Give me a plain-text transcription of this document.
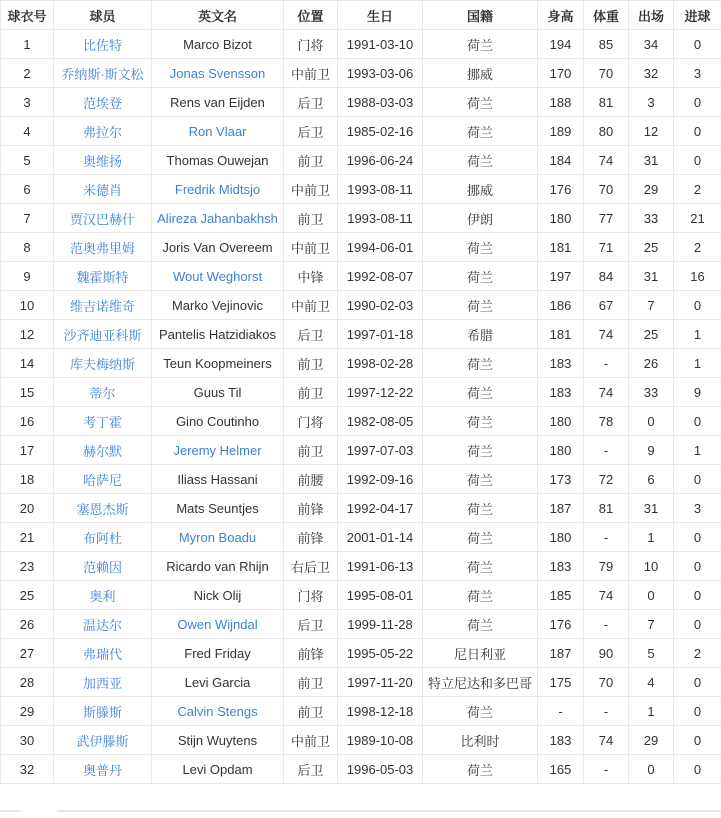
球衣号	球员	英文名	位置	生日	国籍	身高	体重	出场	进球
1	比佐特	Marco Bizot	门将	1991-03-10	荷兰	194	85	34	0
2	乔纳斯·斯文松	Jonas Svensson	中前卫	1993-03-06	挪威	170	70	32	3
3	范埃登	Rens van Eijden	后卫	1988-03-03	荷兰	188	81	3	0
4	弗拉尔	Ron Vlaar	后卫	1985-02-16	荷兰	189	80	12	0
5	奥维扬	Thomas Ouwejan	前卫	1996-06-24	荷兰	184	74	31	0
6	米德肖	Fredrik Midtsjo	中前卫	1993-08-11	挪威	176	70	29	2
7	贾汉巴赫什	Alireza Jahanbakhsh	前卫	1993-08-11	伊朗	180	77	33	21
8	范奥弗里姆	Joris Van Overeem	中前卫	1994-06-01	荷兰	181	71	25	2
9	魏霍斯特	Wout Weghorst	中锋	1992-08-07	荷兰	197	84	31	16
10	维吉诺维奇	Marko Vejinovic	中前卫	1990-02-03	荷兰	186	67	7	0
12	沙齐迪亚科斯	Pantelis Hatzidiakos	后卫	1997-01-18	希腊	181	74	25	1
14	库夫梅纳斯	Teun Koopmeiners	前卫	1998-02-28	荷兰	183	-	26	1
15	蒂尔	Guus Til	前卫	1997-12-22	荷兰	183	74	33	9
16	考丁霍	Gino Coutinho	门将	1982-08-05	荷兰	180	78	0	0
17	赫尔默	Jeremy Helmer	前卫	1997-07-03	荷兰	180	-	9	1
18	哈萨尼	Iliass Hassani	前腰	1992-09-16	荷兰	173	72	6	0
20	塞恩杰斯	Mats Seuntjes	前锋	1992-04-17	荷兰	187	81	31	3
21	布阿杜	Myron Boadu	前锋	2001-01-14	荷兰	180	-	1	0
23	范赖因	Ricardo van Rhijn	右后卫	1991-06-13	荷兰	183	79	10	0
25	奥利	Nick Olij	门将	1995-08-01	荷兰	185	74	0	0
26	温达尔	Owen Wijndal	后卫	1999-11-28	荷兰	176	-	7	0
27	弗瑞代	Fred Friday	前锋	1995-05-22	尼日利亚	187	90	5	2
28	加西亚	Levi Garcia	前卫	1997-11-20	特立尼达和多巴哥	175	70	4	0
29	斯滕斯	Calvin Stengs	前卫	1998-12-18	荷兰	-	-	1	0
30	武伊滕斯	Stijn Wuytens	中前卫	1989-10-08	比利时	183	74	29	0
32	奥普丹	Levi Opdam	后卫	1996-05-03	荷兰	165	-	0	0
